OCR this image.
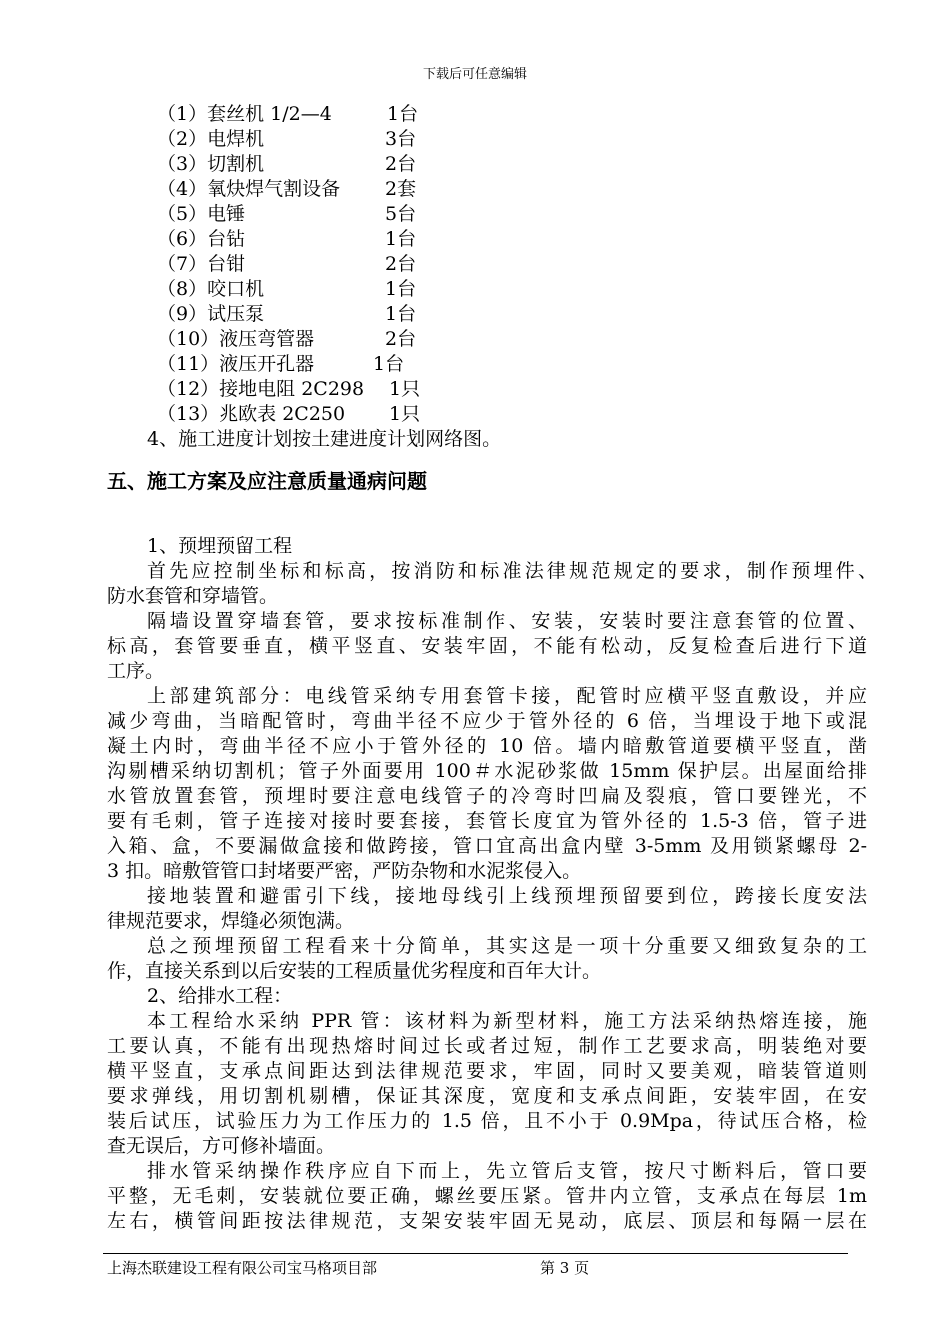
下载后可任意编辑
（1）套丝机 1/2—4	1台
（2）电焊机	3台
（3）切割机	2台
（4）氧炔焊气割设备 2套
（5）电锤	5台
（6）台钻	1台
（7）台钳	2台
（8）咬口机	1台
（9）试压泵	1台
（10）液压弯管器	2台
（11）液压开孔器	1台
（12）接地电阻 2C298 1只
（13）兆欧表 2C250 1只
4、施工进度计划按土建进度计划网络图。
五、施工方案及应注意质量通病问题
1、预埋预留工程
首先应控制坐标和标高，按消防和标准法律规范规定的要求，制作预埋件、
防水套管和穿墙管。
隔墙设置穿墙套管，要求按标准制作、安装，安装时要注意套管的位置、
标高，套管要垂直，横平竖直、安装牢固，不能有松动，反复检查后进行下道
工序。
上部建筑部分：电线管采纳专用套管卡接，配管时应横平竖直敷设，并应
减少弯曲，当暗配管时，弯曲半径不应少于管外径的 6 倍，当埋设于地下或混
凝土内时，弯曲半径不应小于管外径的 10 倍。墙内暗敷管道要横平竖直，凿
沟剔槽采纳切割机；管子外面要用 100＃水泥砂浆做 15mm 保护层。出屋面给排
水管放置套管，预埋时要注意电线管子的冷弯时凹扁及裂痕，管口要锉光，不
要有毛刺，管子连接对接时要套接，套管长度宜为管外径的 1.5-3 倍，管子进
入箱、盒，不要漏做盒接和做跨接，管口宜高出盒内壁 3-5mm 及用锁紧螺母 2-
3 扣。暗敷管管口封堵要严密，严防杂物和水泥浆侵入。
接地装置和避雷引下线，接地母线引上线预埋预留要到位，跨接长度安法
律规范要求，焊缝必须饱满。
总之预埋预留工程看来十分简单，其实这是一项十分重要又细致复杂的工
作，直接关系到以后安装的工程质量优劣程度和百年大计。
2、给排水工程：
本工程给水采纳 PPR 管：该材料为新型材料，施工方法采纳热熔连接，施
工要认真，不能有出现热熔时间过长或者过短，制作工艺要求高，明装绝对要
横平竖直，支承点间距达到法律规范要求，牢固，同时又要美观，暗装管道则
要求弹线，用切割机剔槽，保证其深度，宽度和支承点间距，安装牢固，在安
装后试压，试验压力为工作压力的 1.5 倍，且不小于 0.9Mpa，待试压合格，检
查无误后，方可修补墙面。
排水管采纳操作秩序应自下而上，先立管后支管，按尺寸断料后，管口要
平整，无毛刺，安装就位要正确，螺丝要压紧。管井内立管，支承点在每层 1m
左右，横管间距按法律规范，支架安装牢固无晃动，底层、顶层和每隔一层在
上海杰联建设工程有限公司宝马格项目部	第 3 页
